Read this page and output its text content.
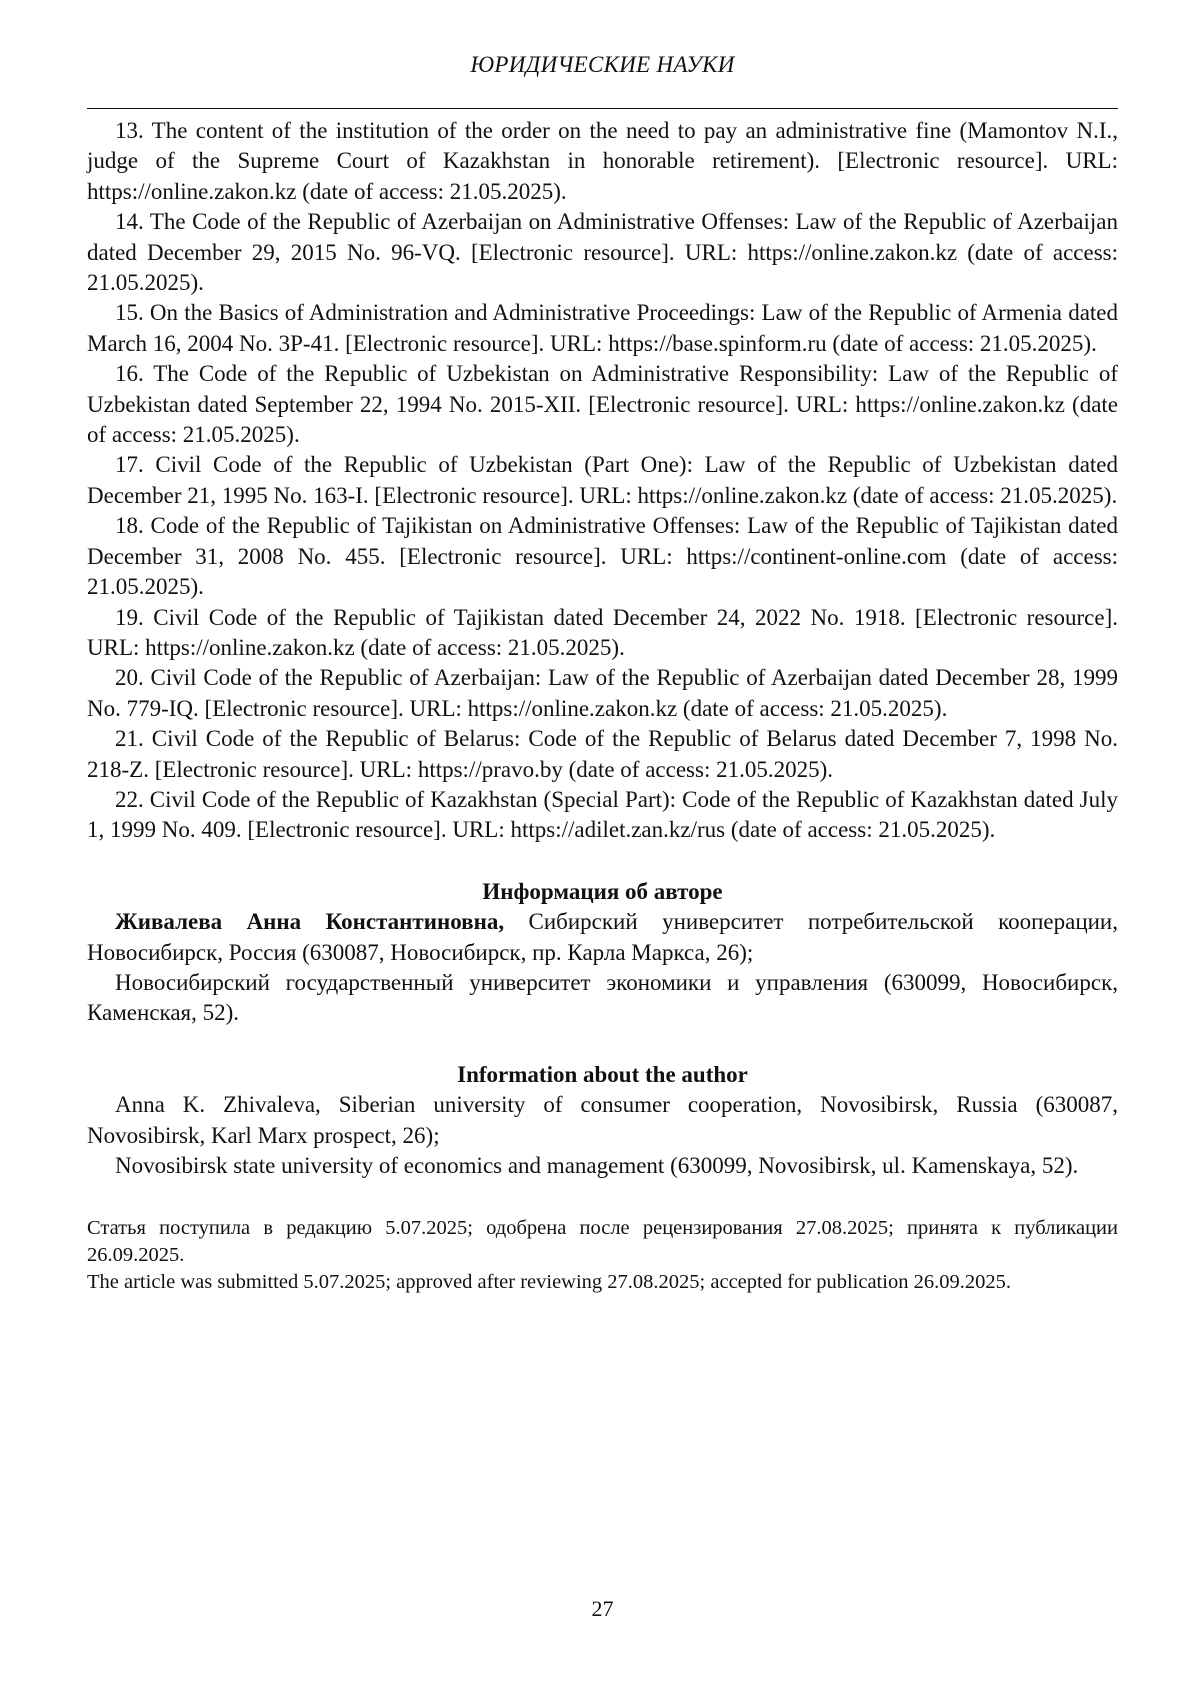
ЮРИДИЧЕСКИЕ НАУКИ

13. The content of the institution of the order on the need to pay an administrative fine (Mamontov N.I., judge of the Supreme Court of Kazakhstan in honorable retirement). [Electronic resource]. URL: https://online.zakon.kz (date of access: 21.05.2025).

14. The Code of the Republic of Azerbaijan on Administrative Offenses: Law of the Republic of Azerbaijan dated December 29, 2015 No. 96-VQ. [Electronic resource]. URL: https://online.zakon.kz (date of access: 21.05.2025).

15. On the Basics of Administration and Administrative Proceedings: Law of the Republic of Armenia dated March 16, 2004 No. 3P-41. [Electronic resource]. URL: https://base.spinform.ru (date of access: 21.05.2025).

16. The Code of the Republic of Uzbekistan on Administrative Responsibility: Law of the Republic of Uzbekistan dated September 22, 1994 No. 2015-XII. [Electronic resource]. URL: https://online.zakon.kz (date of access: 21.05.2025).

17. Civil Code of the Republic of Uzbekistan (Part One): Law of the Republic of Uzbekistan dated December 21, 1995 No. 163-I. [Electronic resource]. URL: https://online.zakon.kz (date of access: 21.05.2025).

18. Code of the Republic of Tajikistan on Administrative Offenses: Law of the Republic of Tajikistan dated December 31, 2008 No. 455. [Electronic resource]. URL: https://continent-online.com (date of access: 21.05.2025).

19. Civil Code of the Republic of Tajikistan dated December 24, 2022 No. 1918. [Electronic resource]. URL: https://online.zakon.kz (date of access: 21.05.2025).

20. Civil Code of the Republic of Azerbaijan: Law of the Republic of Azerbaijan dated December 28, 1999 No. 779-IQ. [Electronic resource]. URL: https://online.zakon.kz (date of access: 21.05.2025).

21. Civil Code of the Republic of Belarus: Code of the Republic of Belarus dated December 7, 1998 No. 218-Z. [Electronic resource]. URL: https://pravo.by (date of access: 21.05.2025).

22. Civil Code of the Republic of Kazakhstan (Special Part): Code of the Republic of Kazakhstan dated July 1, 1999 No. 409. [Electronic resource]. URL: https://adilet.zan.kz/rus (date of access: 21.05.2025).

Информация об авторе

Живалева Анна Константиновна, Сибирский университет потребительской кооперации, Новосибирск, Россия (630087, Новосибирск, пр. Карла Маркса, 26);

Новосибирский государственный университет экономики и управления (630099, Новосибирск, Каменская, 52).

Information about the author

Anna K. Zhivaleva, Siberian university of consumer cooperation, Novosibirsk, Russia (630087, Novosibirsk, Karl Marx prospect, 26);

Novosibirsk state university of economics and management (630099, Novosibirsk, ul. Kamenskaya, 52).

Статья поступила в редакцию 5.07.2025; одобрена после рецензирования 27.08.2025; принята к публикации 26.09.2025.

The article was submitted 5.07.2025; approved after reviewing 27.08.2025; accepted for publication 26.09.2025.

27
